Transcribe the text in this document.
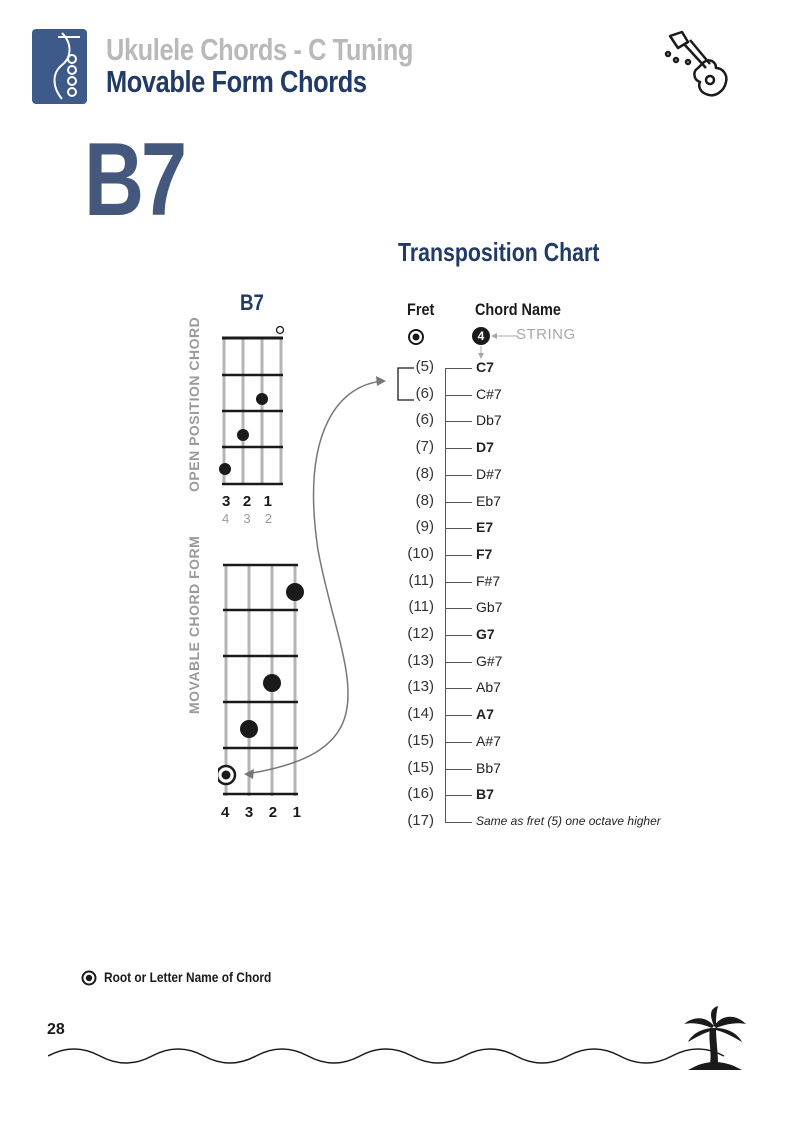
Ukulele Chords - C Tuning
Movable Form Chords
B7
Transposition Chart
B7
OPEN POSITION CHORD
3 2 1
4 3 2
MOVABLE CHORD FORM
4 3 2 1
Fret Chord Name
4	STRING
(5)	C7
(6)	C#7
(6)	Db7
(7)	D7
(8)	D#7
(8)	Eb7
(9)	E7
(10)	F7
(11)	F#7
(11)	Gb7
(12)	G7
(13)	G#7
(13)	Ab7
(14)	A7
(15)	A#7
(15)	Bb7
(16)	B7
(17)	Same as fret (5) one octave higher
Root or Letter Name of Chord
28
